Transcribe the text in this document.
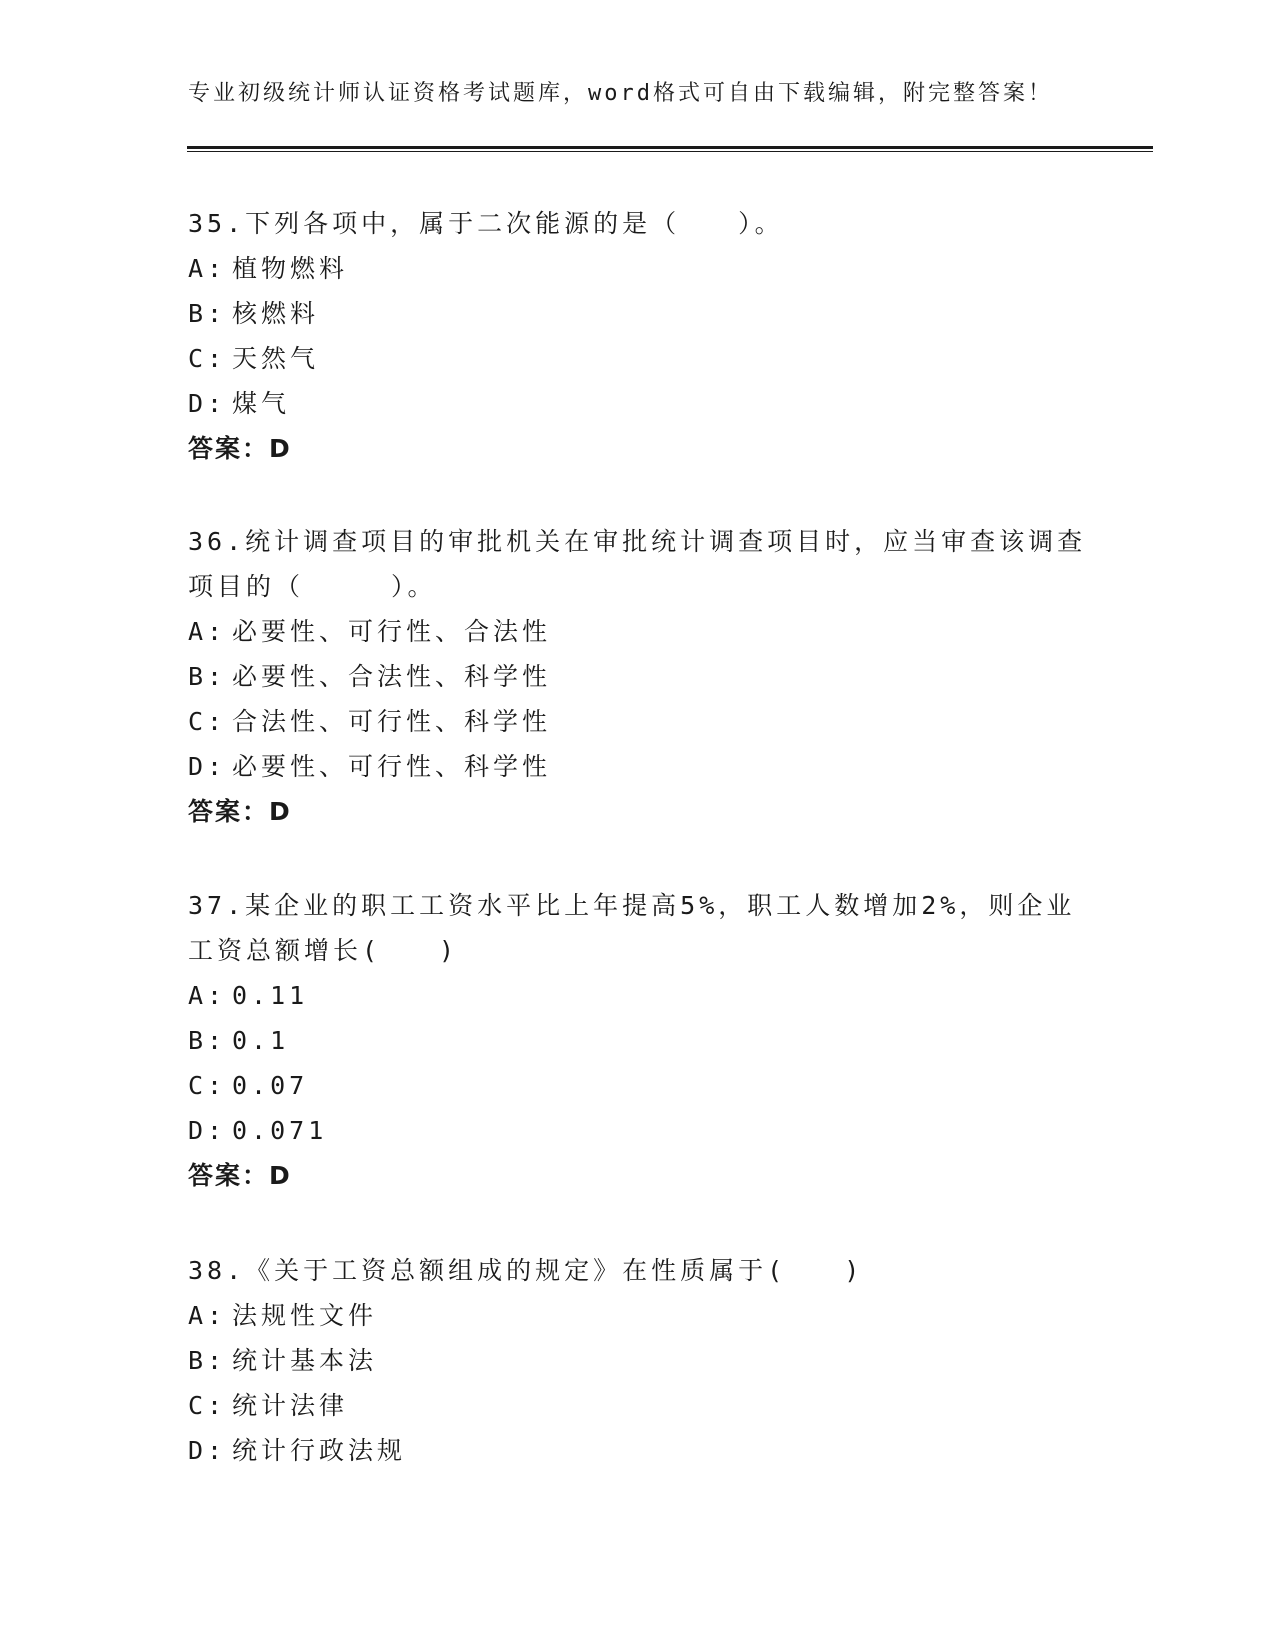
专业初级统计师认证资格考试题库，word格式可自由下载编辑，附完整答案！
35.下列各项中，属于二次能源的是（　　）。
A: 植物燃料
B: 核燃料
C: 天然气
D: 煤气
答案：D
36.统计调查项目的审批机关在审批统计调查项目时，应当审查该调查
项目的（　　　）。
A: 必要性、可行性、合法性
B: 必要性、合法性、科学性
C: 合法性、可行性、科学性
D: 必要性、可行性、科学性
答案：D
37.某企业的职工工资水平比上年提高5%，职工人数增加2%，则企业
工资总额增长(　　)
A: 0.11
B: 0.1
C: 0.07
D: 0.071
答案：D
38.《关于工资总额组成的规定》在性质属于(　　)
A: 法规性文件
B: 统计基本法
C: 统计法律
D: 统计行政法规
